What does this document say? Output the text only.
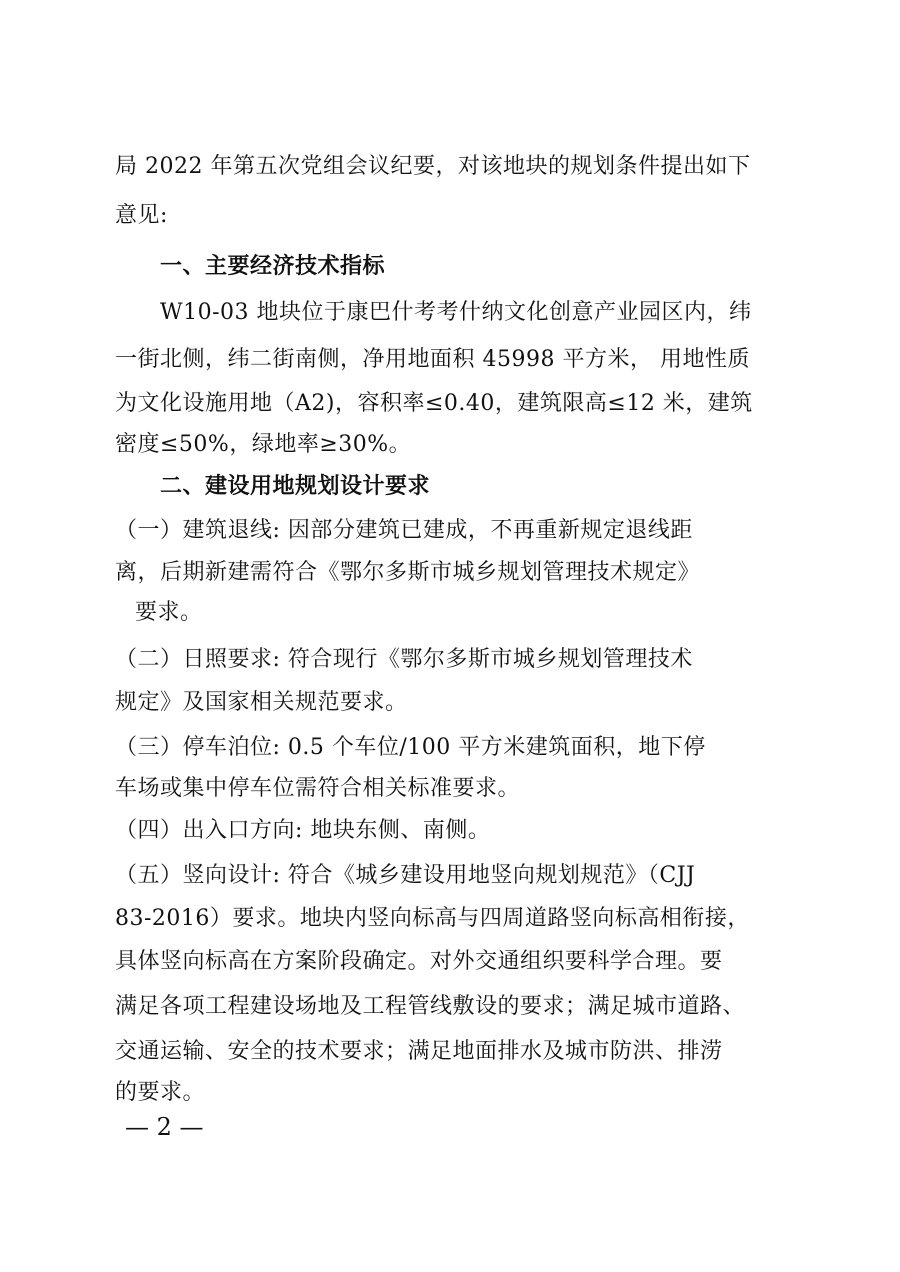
局 2022 年第五次党组会议纪要，对该地块的规划条件提出如下
意见:
一、主要经济技术指标
W10-03 地块位于康巴什考考什纳文化创意产业园区内，纬
一街北侧，纬二街南侧，净用地面积 45998 平方米， 用地性质
为文化设施用地（A2)，容积率≤0.40，建筑限高≤12 米，建筑
密度≤50%，绿地率≥30%。
二、建设用地规划设计要求
（一）建筑退线: 因部分建筑已建成，不再重新规定退线距
离，后期新建需符合《鄂尔多斯市城乡规划管理技术规定》
要求。
（二）日照要求: 符合现行《鄂尔多斯市城乡规划管理技术
规定》及国家相关规范要求。
（三）停车泊位: 0.5 个车位/100 平方米建筑面积，地下停
车场或集中停车位需符合相关标准要求。
（四）出入口方向: 地块东侧、南侧。
（五）竖向设计: 符合《城乡建设用地竖向规划规范》（CJJ
83-2016）要求。地块内竖向标高与四周道路竖向标高相衔接，
具体竖向标高在方案阶段确定。对外交通组织要科学合理。要
满足各项工程建设场地及工程管线敷设的要求；满足城市道路、
交通运输、安全的技术要求；满足地面排水及城市防洪、排涝
的要求。
— 2 —
